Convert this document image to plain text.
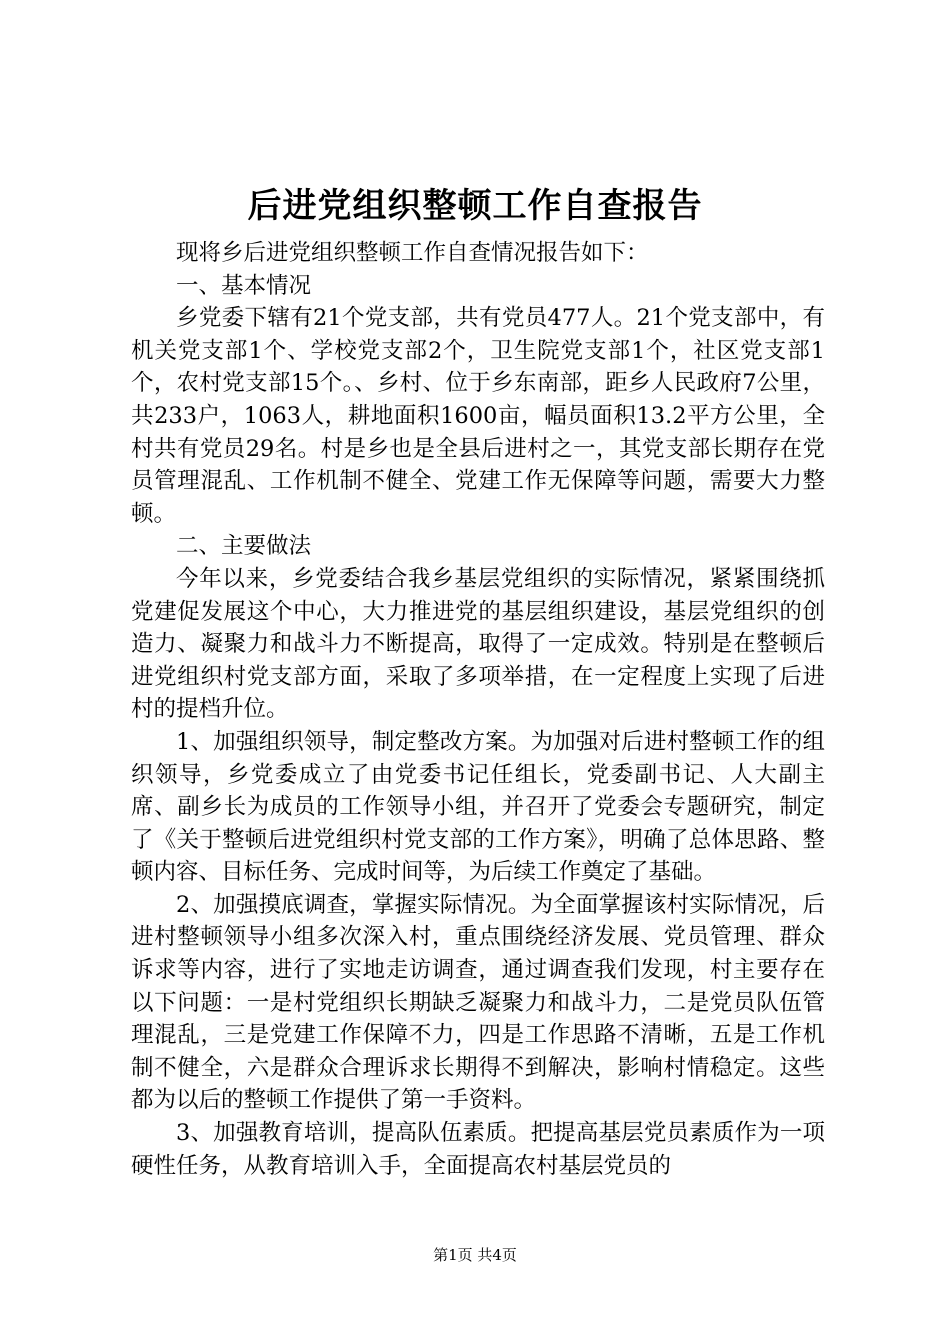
后进党组织整顿工作自查报告

现将乡后进党组织整顿工作自查情况报告如下：

一、基本情况

乡党委下辖有21个党支部，共有党员477人。21个党支部中，有机关党支部1个、学校党支部2个，卫生院党支部1个，社区党支部1个，农村党支部15个。、乡村、位于乡东南部，距乡人民政府7公里，共233户，1063人，耕地面积1600亩，幅员面积13.2平方公里，全村共有党员29名。村是乡也是全县后进村之一，其党支部长期存在党员管理混乱、工作机制不健全、党建工作无保障等问题，需要大力整顿。

二、主要做法

今年以来，乡党委结合我乡基层党组织的实际情况，紧紧围绕抓党建促发展这个中心，大力推进党的基层组织建设，基层党组织的创造力、凝聚力和战斗力不断提高，取得了一定成效。特别是在整顿后进党组织村党支部方面，采取了多项举措，在一定程度上实现了后进村的提档升位。

1、加强组织领导，制定整改方案。为加强对后进村整顿工作的组织领导，乡党委成立了由党委书记任组长，党委副书记、人大副主席、副乡长为成员的工作领导小组，并召开了党委会专题研究，制定了《关于整顿后进党组织村党支部的工作方案》，明确了总体思路、整顿内容、目标任务、完成时间等，为后续工作奠定了基础。

2、加强摸底调查，掌握实际情况。为全面掌握该村实际情况，后进村整顿领导小组多次深入村，重点围绕经济发展、党员管理、群众诉求等内容，进行了实地走访调查，通过调查我们发现，村主要存在以下问题：一是村党组织长期缺乏凝聚力和战斗力，二是党员队伍管理混乱，三是党建工作保障不力，四是工作思路不清晰，五是工作机制不健全，六是群众合理诉求长期得不到解决，影响村情稳定。这些都为以后的整顿工作提供了第一手资料。

3、加强教育培训，提高队伍素质。把提高基层党员素质作为一项硬性任务，从教育培训入手，全面提高农村基层党员的

第1页 共4页
